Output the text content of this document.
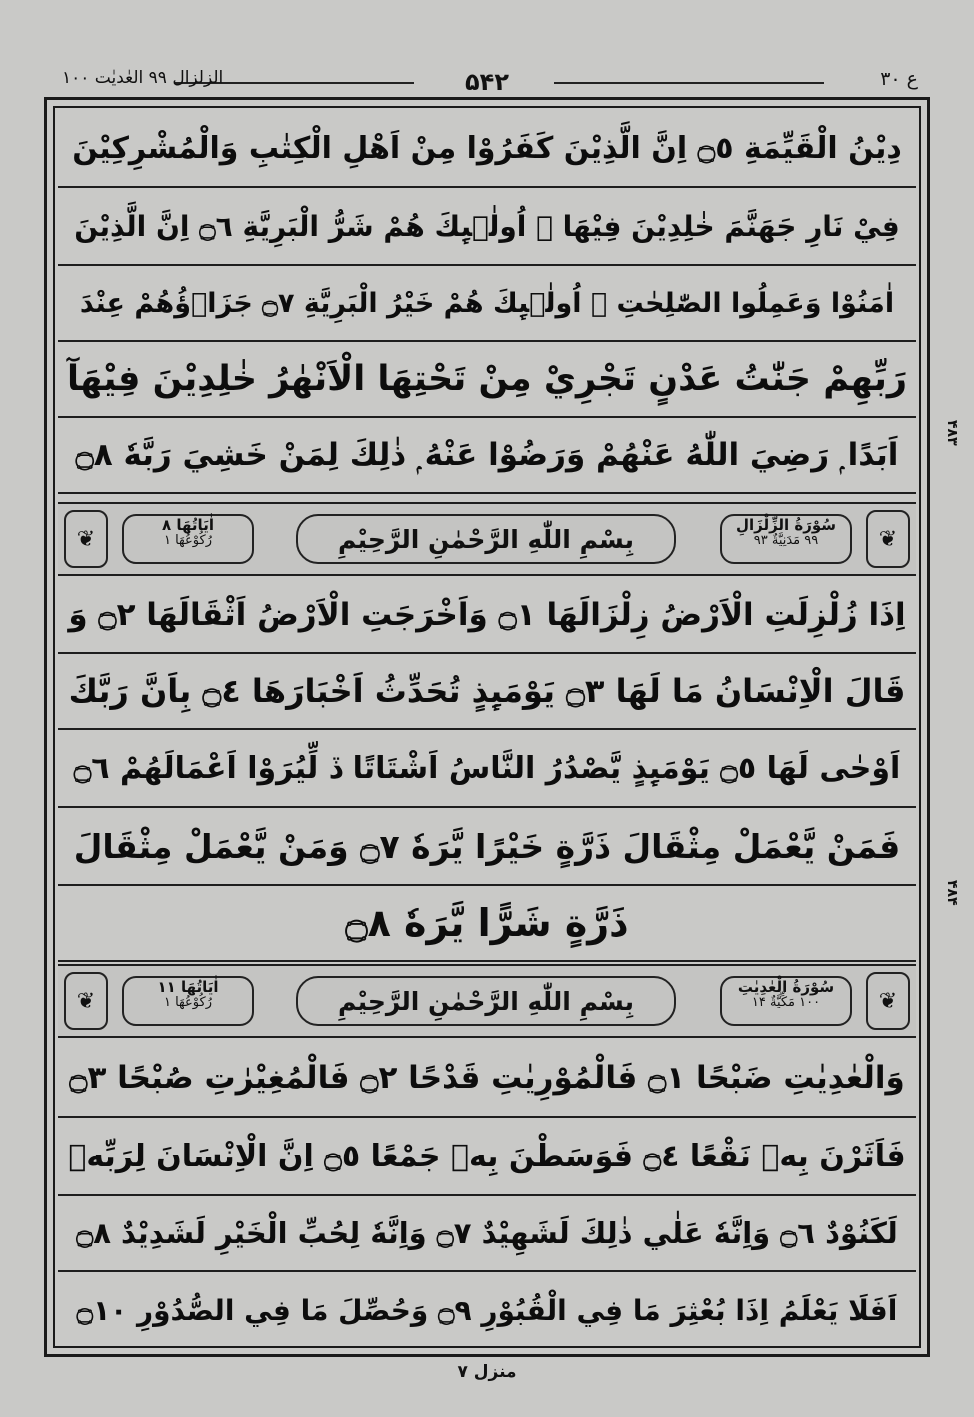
ع ۳۰
۵۴۲
الزلزال ۹۹ العٰدیٰت ۱۰۰
دِيْنُ الْقَيِّمَةِ ۝٥ اِنَّ الَّذِيْنَ كَفَرُوْا مِنْ اَهْلِ الْكِتٰبِ وَالْمُشْرِكِيْنَ
فِيْ نَارِ جَهَنَّمَ خٰلِدِيْنَ فِيْهَا ۭ اُولٰۗىِٕكَ هُمْ شَرُّ الْبَرِيَّةِ ۝٦ اِنَّ الَّذِيْنَ
اٰمَنُوْا وَعَمِلُوا الصّٰلِحٰتِ ۙ اُولٰۗىِٕكَ هُمْ خَيْرُ الْبَرِيَّةِ ۝٧ جَزَاۗؤُهُمْ عِنْدَ
رَبِّهِمْ جَنّٰتُ عَدْنٍ تَجْرِيْ مِنْ تَحْتِهَا الْاَنْهٰرُ خٰلِدِيْنَ فِيْهَآ
اَبَدًا ۭ رَضِيَ اللّٰهُ عَنْهُمْ وَرَضُوْا عَنْهُ ۭ ذٰلِكَ لِمَنْ خَشِيَ رَبَّهٗ ۝٨
❦
اٰيَاتُهَا ۸
رُكُوْعُهَا ۱	بِسْمِ اللّٰهِ الرَّحْمٰنِ الرَّحِيْمِ	سُوْرَةُ الزِّلْزَالِ
۹۹ مَدَنِيَّةٌ ۹۳	❦
اِذَا زُلْزِلَتِ الْاَرْضُ زِلْزَالَهَا ۝١ وَاَخْرَجَتِ الْاَرْضُ اَثْقَالَهَا ۝٢ وَ
قَالَ الْاِنْسَانُ مَا لَهَا ۝٣ يَوْمَىِٕذٍ تُحَدِّثُ اَخْبَارَهَا ۝٤ بِاَنَّ رَبَّكَ
اَوْحٰى لَهَا ۝٥ يَوْمَىِٕذٍ يَّصْدُرُ النَّاسُ اَشْتَاتًا ڏ لِّيُرَوْا اَعْمَالَهُمْ ۝٦
فَمَنْ يَّعْمَلْ مِثْقَالَ ذَرَّةٍ خَيْرًا يَّرَهٗ ۝٧ وَمَنْ يَّعْمَلْ مِثْقَالَ
ذَرَّةٍ شَرًّا يَّرَهٗ ۝٨
❦
اٰيَاتُهَا ۱۱
رُكُوْعُهَا ۱	بِسْمِ اللّٰهِ الرَّحْمٰنِ الرَّحِيْمِ	سُوْرَةُ الْعٰدِيٰتِ
۱۰۰ مَكِّيَّةٌ ۱۴	❦
وَالْعٰدِيٰتِ ضَبْحًا ۝١ فَالْمُوْرِيٰتِ قَدْحًا ۝٢ فَالْمُغِيْرٰتِ صُبْحًا ۝٣
فَاَثَرْنَ بِهٖ نَقْعًا ۝٤ فَوَسَطْنَ بِهٖ جَمْعًا ۝٥ اِنَّ الْاِنْسَانَ لِرَبِّهٖ
لَكَنُوْدٌ ۝٦ وَاِنَّهٗ عَلٰي ذٰلِكَ لَشَهِيْدٌ ۝٧ وَاِنَّهٗ لِحُبِّ الْخَيْرِ لَشَدِيْدٌ ۝٨
اَفَلَا يَعْلَمُ اِذَا بُعْثِرَ مَا فِي الْقُبُوْرِ ۝٩ وَحُصِّلَ مَا فِي الصُّدُوْرِ ۝١٠
۴۸۳
۴۸۴
منزل ۷
